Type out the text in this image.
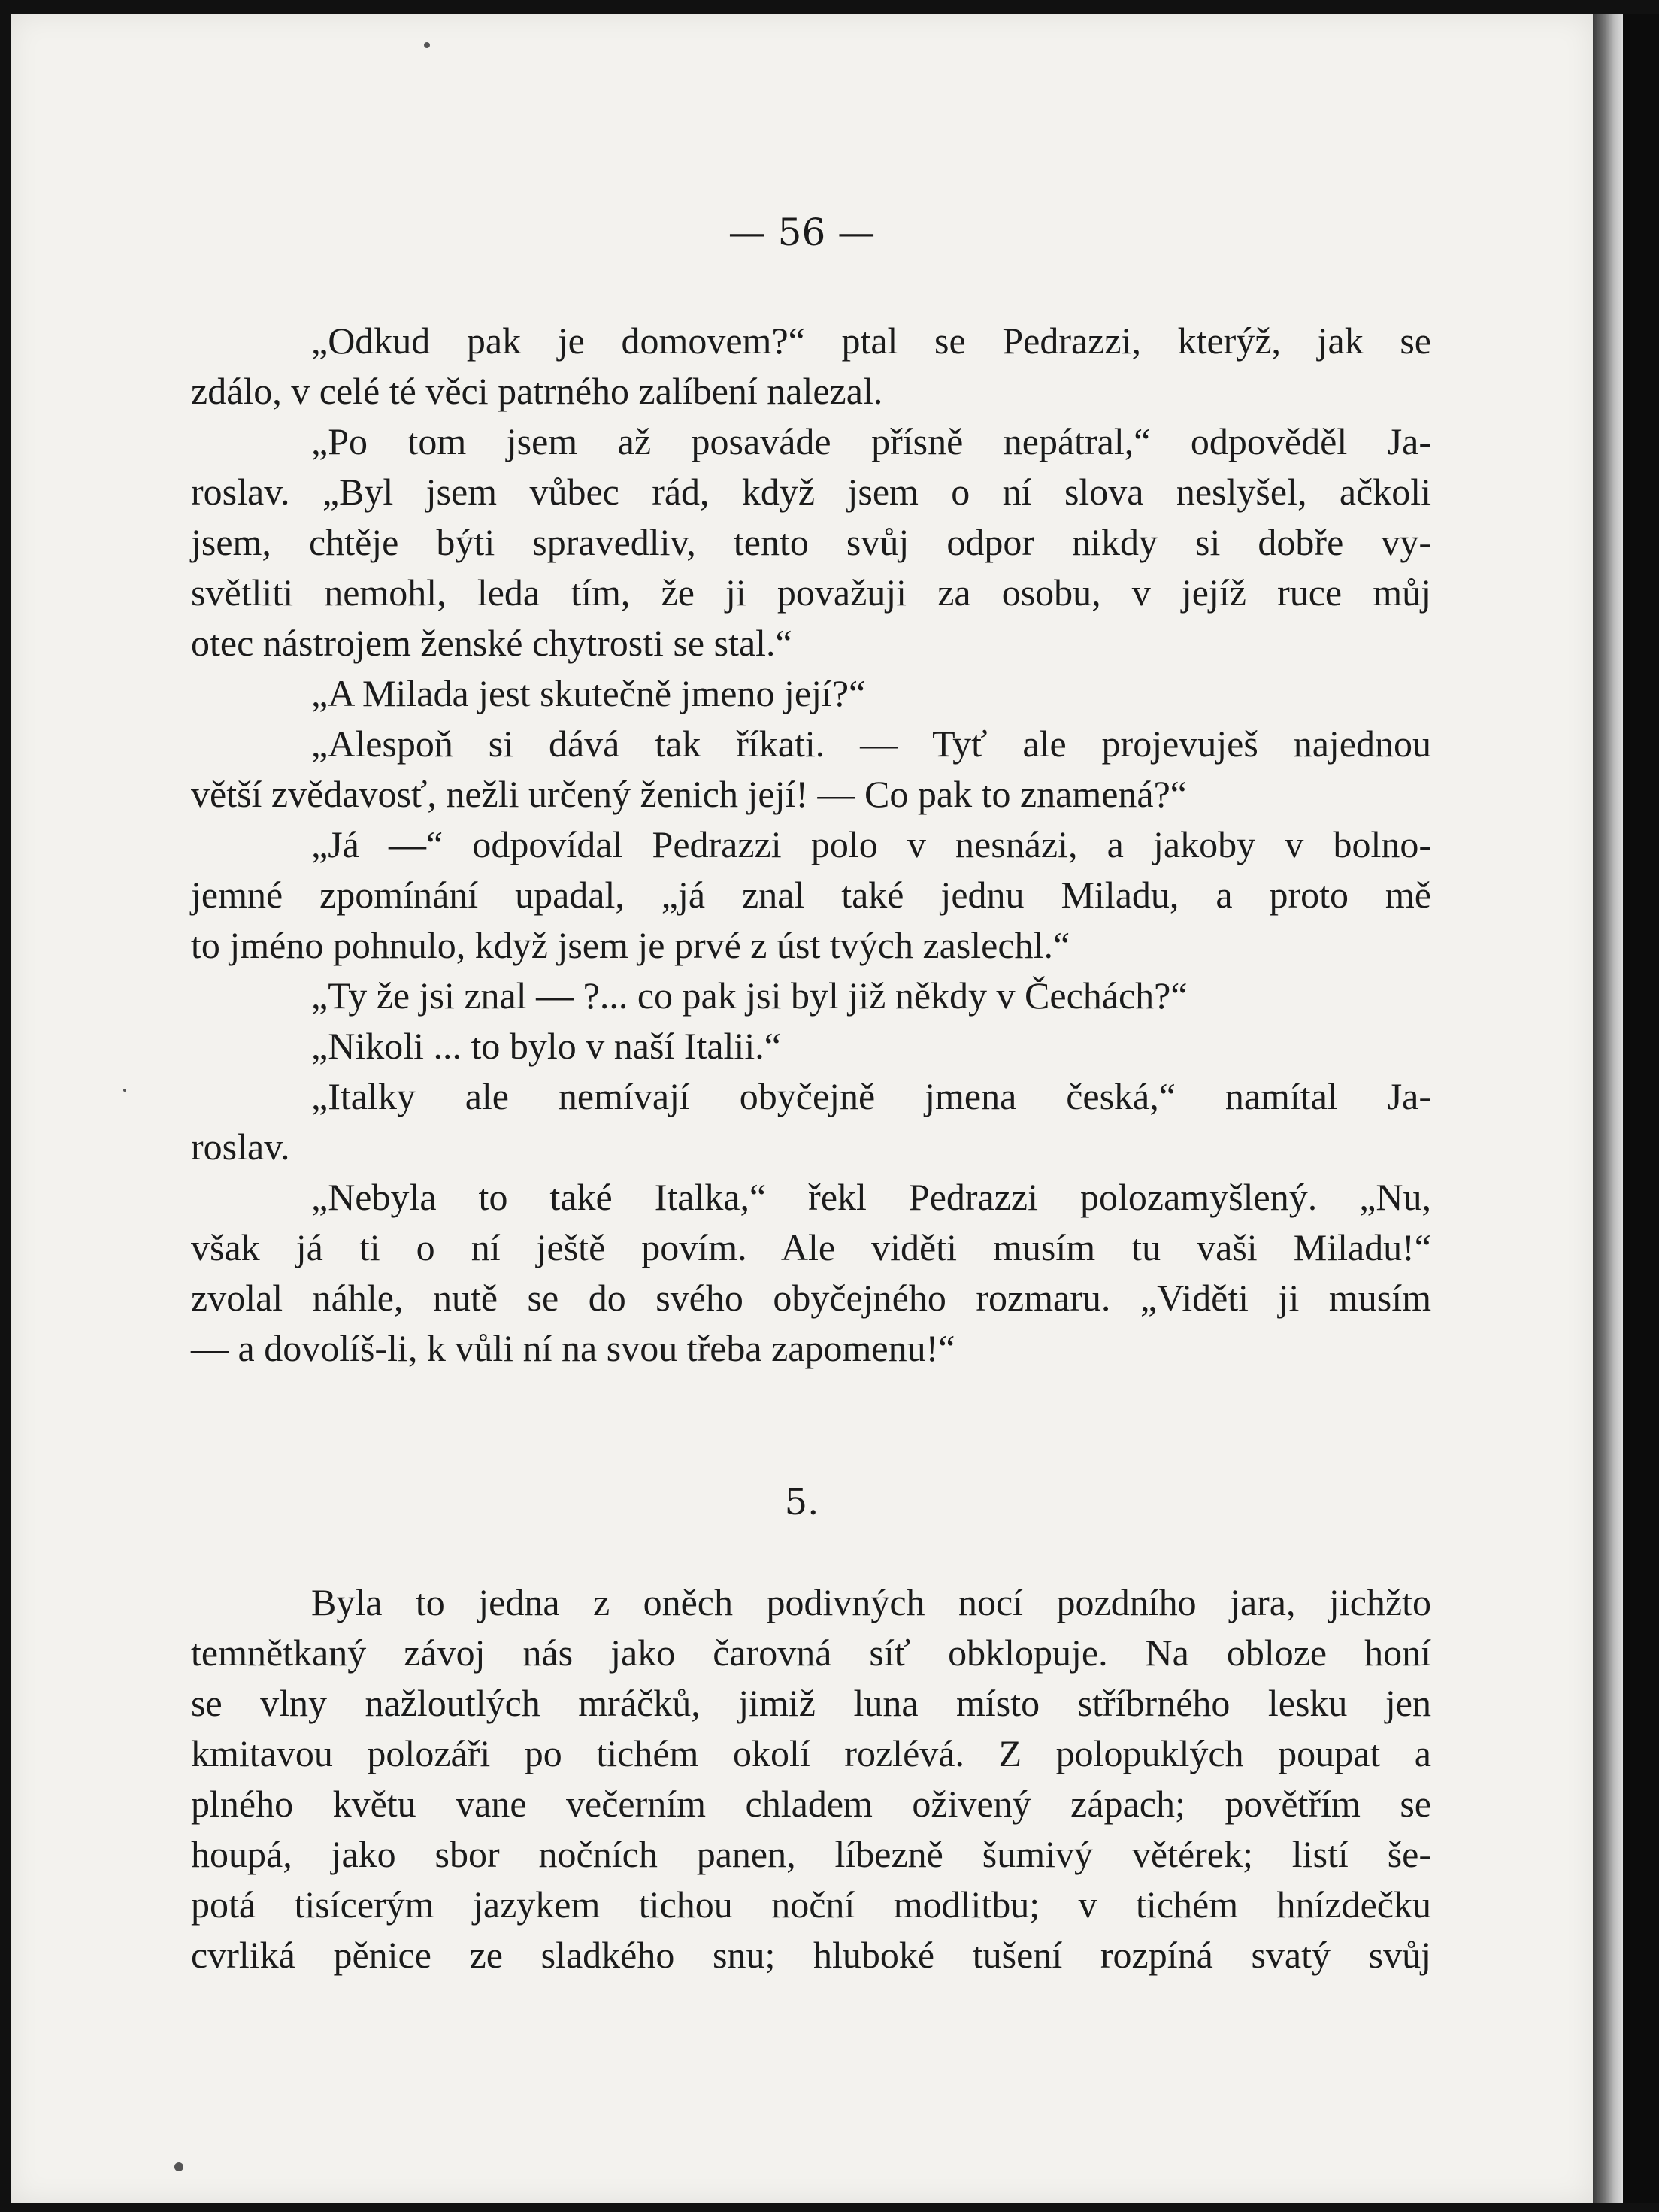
— 56 —
„Odkud pak je domovem?“ ptal se Pedrazzi, kterýž, jak se
zdálo, v celé té věci patrného zalíbení nalezal.
„Po tom jsem až posaváde přísně nepátral,“ odpověděl Ja-
roslav. „Byl jsem vůbec rád, když jsem o ní slova neslyšel, ačkoli
jsem, chtěje býti spravedliv, tento svůj odpor nikdy si dobře vy-
světliti nemohl, leda tím, že ji považuji za osobu, v jejíž ruce můj
otec nástrojem ženské chytrosti se stal.“
„A Milada jest skutečně jmeno její?“
„Alespoň si dává tak říkati. — Tyť ale projevuješ najednou
větší zvědavosť, nežli určený ženich její! — Co pak to znamená?“
„Já —“ odpovídal Pedrazzi polo v nesnázi, a jakoby v bolno-
jemné zpomínání upadal, „já znal také jednu Miladu, a proto mě
to jméno pohnulo, když jsem je prvé z úst tvých zaslechl.“
„Ty že jsi znal — ?... co pak jsi byl již někdy v Čechách?“
„Nikoli ... to bylo v naší Italii.“
„Italky ale nemívají obyčejně jmena česká,“ namítal Ja-
roslav.
„Nebyla to také Italka,“ řekl Pedrazzi polozamyšlený. „Nu,
však já ti o ní ještě povím. Ale viděti musím tu vaši Miladu!“
zvolal náhle, nutě se do svého obyčejného rozmaru. „Viděti ji musím
— a dovolíš-li, k vůli ní na svou třeba zapomenu!“
5.
Byla to jedna z oněch podivných nocí pozdního jara, jichžto
temnětkaný závoj nás jako čarovná síť obklopuje. Na obloze honí
se vlny nažloutlých mráčků, jimiž luna místo stříbrného lesku jen
kmitavou polozáři po tichém okolí rozlévá. Z polopuklých poupat a
plného květu vane večerním chladem oživený zápach; povětřím se
houpá, jako sbor nočních panen, líbezně šumivý větérek; listí še-
potá tisícerým jazykem tichou noční modlitbu; v tichém hnízdečku
cvrliká pěnice ze sladkého snu; hluboké tušení rozpíná svatý svůj
